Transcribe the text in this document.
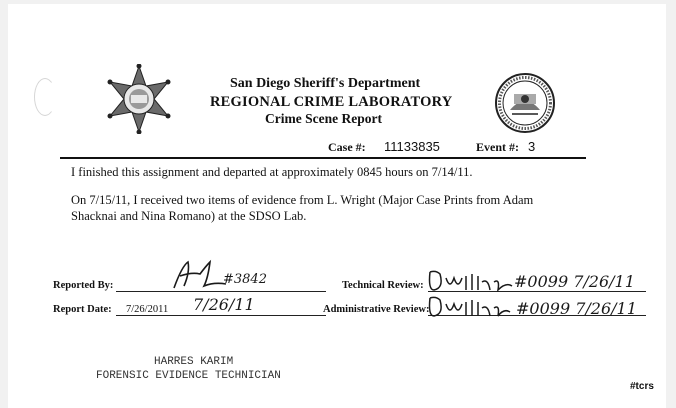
San Diego Sheriff's Department
REGIONAL CRIME LABORATORY
Crime Scene Report
Case #: 11133835	Event #: 3
I finished this assignment and departed at approximately 0845 hours on 7/14/11.
On 7/15/11, I received two items of evidence from L. Wright (Major Case Prints from Adam
Shacknai and Nina Romano) at the SDSO Lab.
Reported By:
Report Date: 7/26/2011
Technical Review:
Administrative Review:
#3842
7/26/11
#0099 7/26/11
#0099 7/26/11
HARRES KARIM
FORENSIC EVIDENCE TECHNICIAN
#tcrs
